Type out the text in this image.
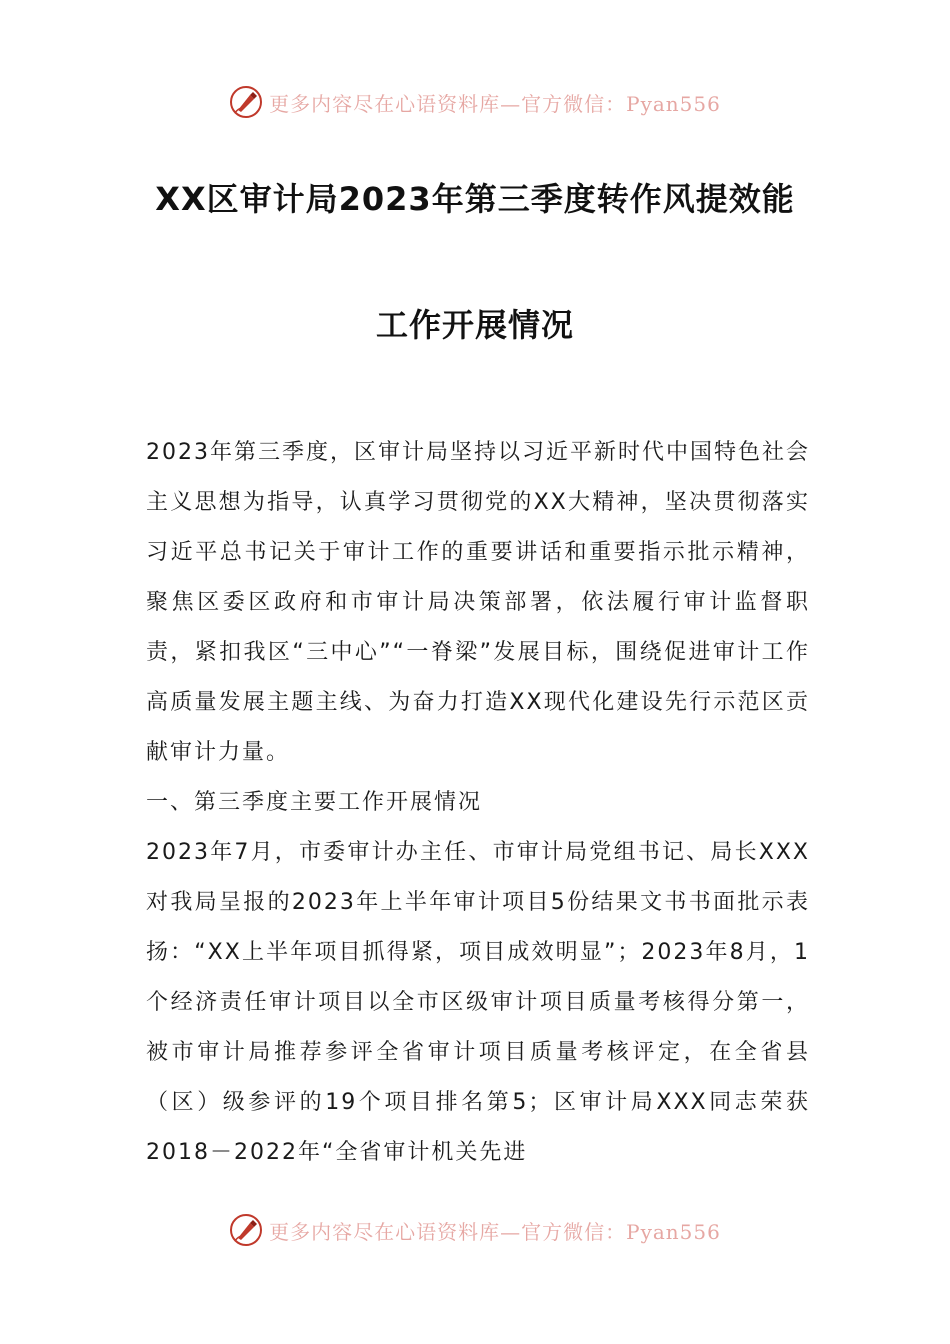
更多内容尽在心语资料库—官方微信：Pyan556
XX区审计局2023年第三季度转作风提效能
工作开展情况

2023年第三季度，区审计局坚持以习近平新时代中国特色社会主义思想为指导，认真学习贯彻党的XX大精神，坚决贯彻落实习近平总书记关于审计工作的重要讲话和重要指示批示精神，聚焦区委区政府和市审计局决策部署，依法履行审计监督职责，紧扣我区“三中心”“一脊梁”发展目标，围绕促进审计工作高质量发展主题主线、为奋力打造XX现代化建设先行示范区贡献审计力量。

一、第三季度主要工作开展情况

2023年7月，市委审计办主任、市审计局党组书记、局长XXX对我局呈报的2023年上半年审计项目5份结果文书书面批示表扬：“XX上半年项目抓得紧，项目成效明显”；2023年8月，1个经济责任审计项目以全市区级审计项目质量考核得分第一，被市审计局推荐参评全省审计项目质量考核评定，在全省县（区）级参评的19个项目排名第5；区审计局XXX同志荣获2018－2022年“全省审计机关先进

更多内容尽在心语资料库—官方微信：Pyan556
